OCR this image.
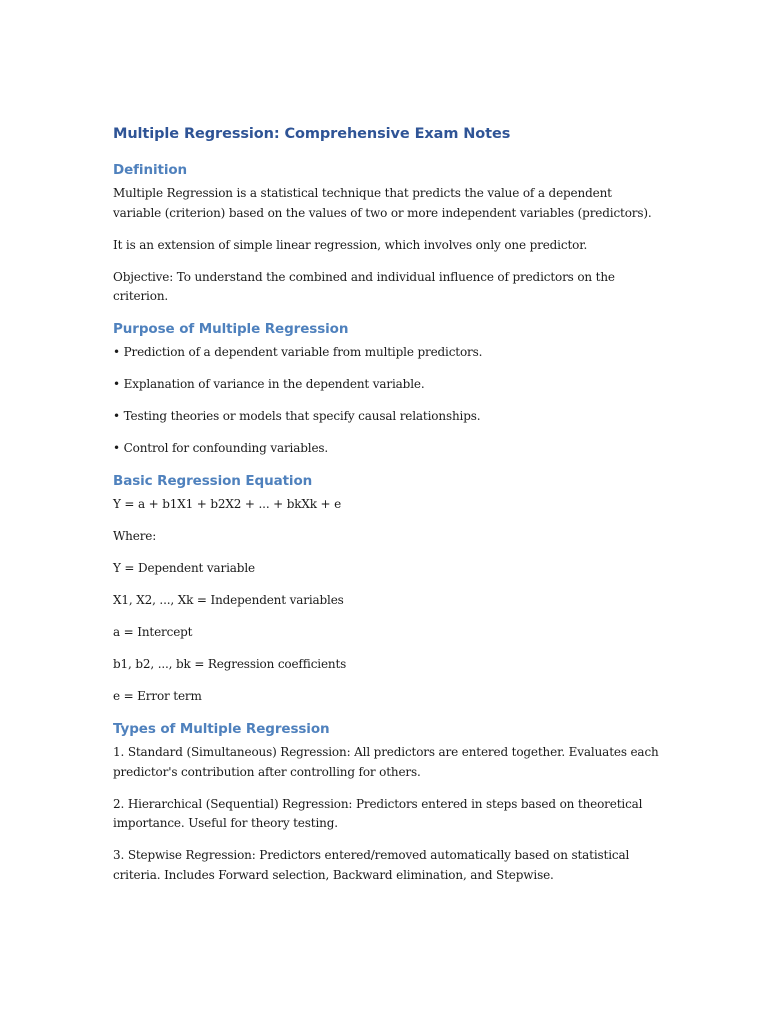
Multiple Regression: Comprehensive Exam Notes
Definition

Multiple Regression is a statistical technique that predicts the value of a dependent variable (criterion) based on the values of two or more independent variables (predictors).

It is an extension of simple linear regression, which involves only one predictor.

Objective: To understand the combined and individual influence of predictors on the criterion.

Purpose of Multiple Regression

• Prediction of a dependent variable from multiple predictors.

• Explanation of variance in the dependent variable.

• Testing theories or models that specify causal relationships.

• Control for confounding variables.

Basic Regression Equation

Y = a + b1X1 + b2X2 + ... + bkXk + e

Where:

Y = Dependent variable

X1, X2, ..., Xk = Independent variables

a = Intercept

b1, b2, ..., bk = Regression coefficients

e = Error term

Types of Multiple Regression

1. Standard (Simultaneous) Regression: All predictors are entered together. Evaluates each predictor's contribution after controlling for others.

2. Hierarchical (Sequential) Regression: Predictors entered in steps based on theoretical importance. Useful for theory testing.

3. Stepwise Regression: Predictors entered/removed automatically based on statistical criteria. Includes Forward selection, Backward elimination, and Stepwise.
